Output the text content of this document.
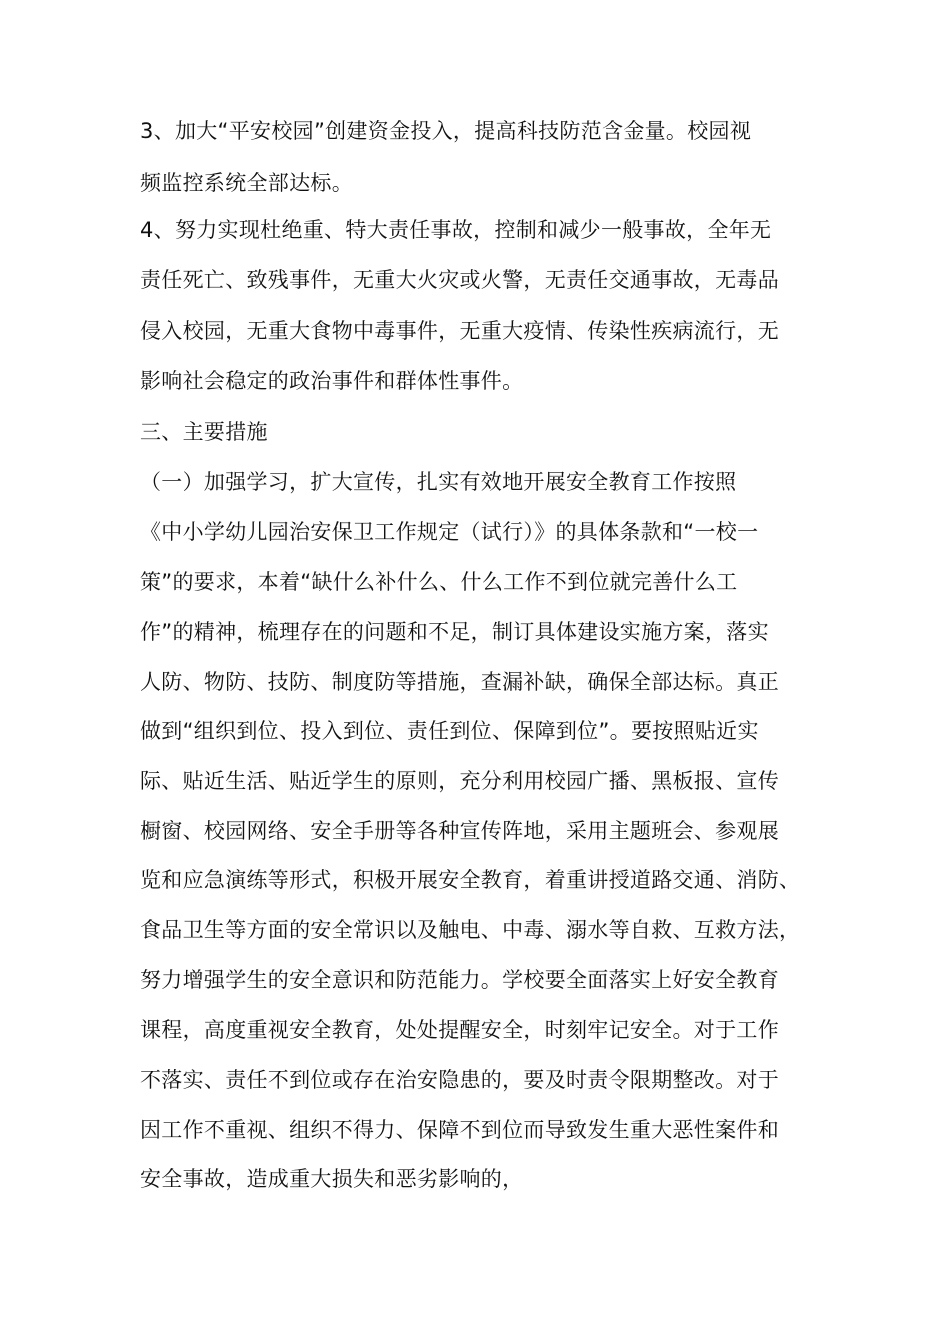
3、加大“平安校园”创建资金投入，提高科技防范含金量。校园视
频监控系统全部达标。
4、努力实现杜绝重、特大责任事故，控制和减少一般事故，全年无
责任死亡、致残事件，无重大火灾或火警，无责任交通事故，无毒品
侵入校园，无重大食物中毒事件，无重大疫情、传染性疾病流行，无
影响社会稳定的政治事件和群体性事件。
三、主要措施
（一）加强学习，扩大宣传，扎实有效地开展安全教育工作按照
《中小学幼儿园治安保卫工作规定（试行）》的具体条款和“一校一
策”的要求，本着“缺什么补什么、什么工作不到位就完善什么工
作”的精神，梳理存在的问题和不足，制订具体建设实施方案，落实
人防、物防、技防、制度防等措施，查漏补缺，确保全部达标。真正
做到“组织到位、投入到位、责任到位、保障到位”。要按照贴近实
际、贴近生活、贴近学生的原则，充分利用校园广播、黑板报、宣传
橱窗、校园网络、安全手册等各种宣传阵地，采用主题班会、参观展
览和应急演练等形式，积极开展安全教育，着重讲授道路交通、消防、
食品卫生等方面的安全常识以及触电、中毒、溺水等自救、互救方法，
努力增强学生的安全意识和防范能力。学校要全面落实上好安全教育
课程，高度重视安全教育，处处提醒安全，时刻牢记安全。对于工作
不落实、责任不到位或存在治安隐患的，要及时责令限期整改。对于
因工作不重视、组织不得力、保障不到位而导致发生重大恶性案件和
安全事故，造成重大损失和恶劣影响的，
